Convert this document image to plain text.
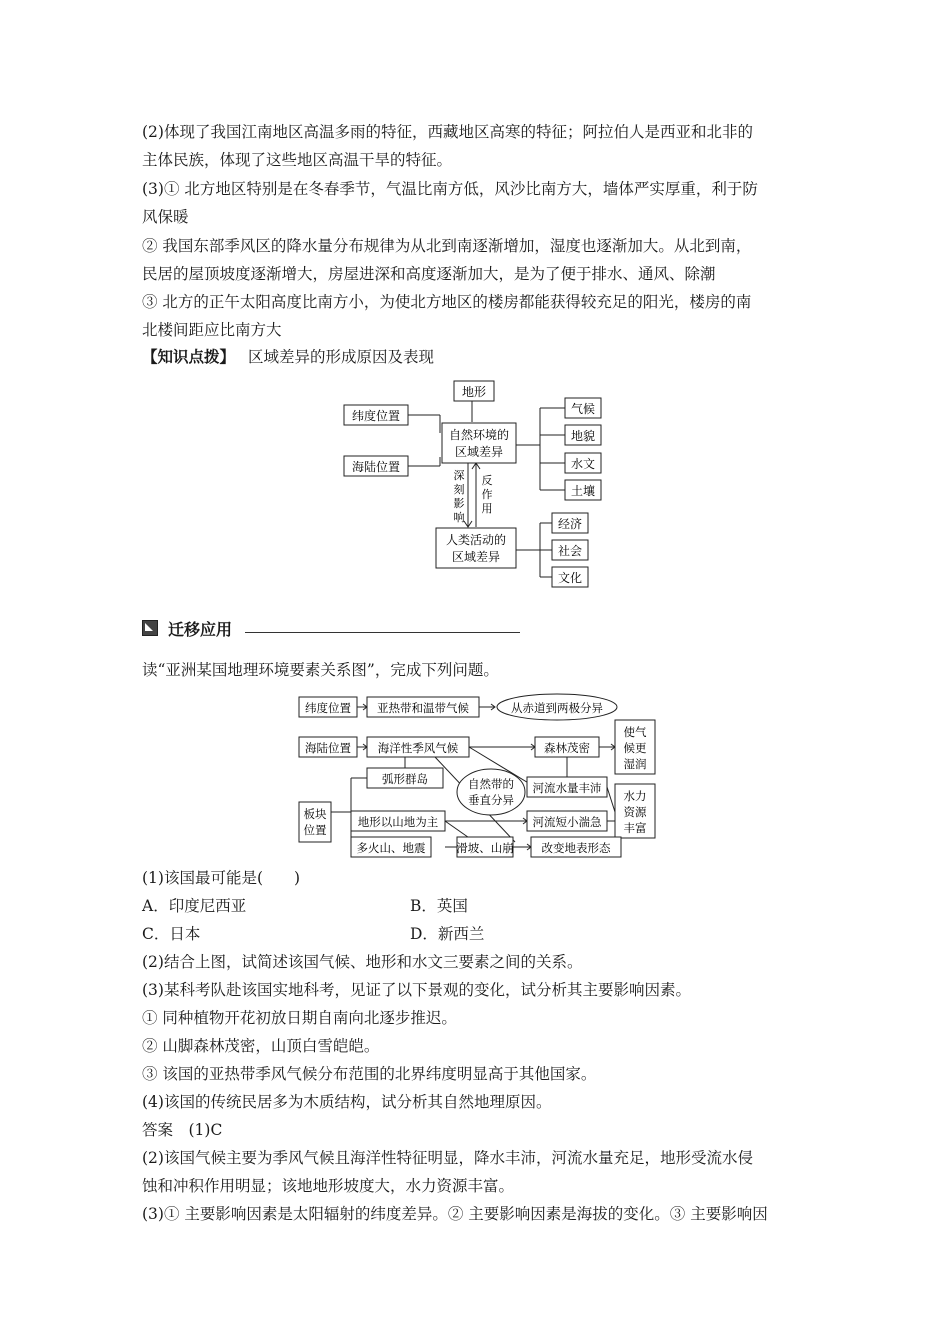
(2)体现了我国江南地区高温多雨的特征，西藏地区高寒的特征；阿拉伯人是西亚和北非的
主体民族，体现了这些地区高温干旱的特征。
(3)① 北方地区特别是在冬春季节，气温比南方低，风沙比南方大，墙体严实厚重，利于防
风保暖
② 我国东部季风区的降水量分布规律为从北到南逐渐增加，湿度也逐渐加大。从北到南，
民居的屋顶坡度逐渐增大，房屋进深和高度逐渐加大，是为了便于排水、通风、除潮
③ 北方的正午太阳高度比南方小，为使北方地区的楼房都能获得较充足的阳光，楼房的南
北楼间距应比南方大
【知识点拨】 区域差异的形成原因及表现
地形
纬度位置
海陆位置
自然环境的
区域差异
气候
地貌
水文
土壤
深
刻
影
响
反
作
用
人类活动的
区域差异
经济
社会
文化
迁移应用
读“亚洲某国地理环境要素关系图”，完成下列问题。
纬度位置 亚热带和温带气候	从赤道到两极分异
海陆位置 海洋性季风气候	森林茂密
使气
候更
湿润
弧形群岛	自然带的
垂直分异
河流水量丰沛
水力
资源
丰富
板块
位置
地形以山地为主	河流短小湍急
多火山、地震	滑坡、山崩 改变地表形态
(1)该国最可能是(　　)
A．印度尼西亚	B．英国
C．日本	D．新西兰
(2)结合上图，试简述该国气候、地形和水文三要素之间的关系。
(3)某科考队赴该国实地科考，见证了以下景观的变化，试分析其主要影响因素。
① 同种植物开花初放日期自南向北逐步推迟。
② 山脚森林茂密，山顶白雪皑皑。
③ 该国的亚热带季风气候分布范围的北界纬度明显高于其他国家。
(4)该国的传统民居多为木质结构，试分析其自然地理原因。
答案　(1)C
(2)该国气候主要为季风气候且海洋性特征明显，降水丰沛，河流水量充足，地形受流水侵
蚀和冲积作用明显；该地地形坡度大，水力资源丰富。
(3)① 主要影响因素是太阳辐射的纬度差异。② 主要影响因素是海拔的变化。③ 主要影响因
